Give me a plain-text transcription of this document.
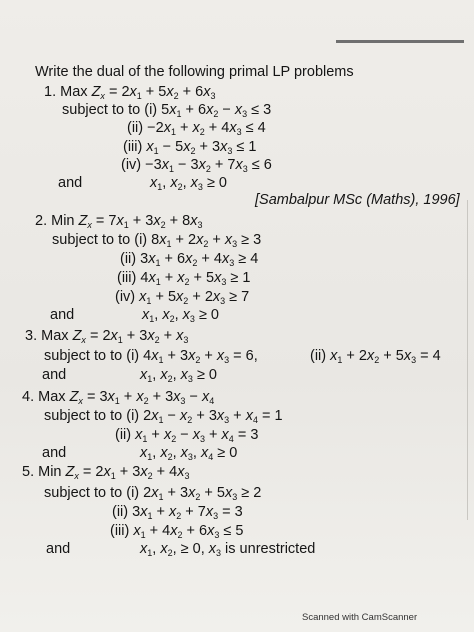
Write the dual of the following primal LP problems
1. Max $Z_x = 2x_1 + 5x_2 + 6x_3$
subject to to (i) $5x_1 + 6x_2 - x_3 \le 3$
$(ii) -2x_1 + x_2 + 4x_3 \le 4$
(iii) $x_1 - 5x_2 + 3x_3 \le 1$
$(iv) -3x_1 - 3x_2 + 7x_3 \le 6$
and	$x_1$, $x_2$, $x_3 \ge 0$
[Sambalpur MSc (Maths), 1996]
2. Min $Z_x = 7x_1 + 3x_2 + 8x_3$
subject to to (i) $8x_1 + 2x_2 + x_3 \ge 3$
(ii) $3x_1 + 6x_2 + 4x_3 \ge 4$
(iii) $4x_1 + x_2 + 5x_3 \ge 1$
(iv) $x_1 + 5x_2 + 2x_3 \ge 7$
and	$x_1$, $x_2$, $x_3 \ge 0$
3. Max $Z_x = 2x_1 + 3x_2 + x_3$
subject to to (i) $4x_1 + 3x_2 + x_3 = 6$,	(ii) $x_1 + 2x_2 + 5x_3 = 4$
and	$x_1$, $x_2$, $x_3 \ge 0$
4. Max $Z_x = 3x_1 + x_2 + 3x_3 - x_4$
subject to to (i) $2x_1 - x_2 + 3x_3 + x_4 = 1$
(ii) $x_1 + x_2 - x_3 + x_4 = 3$
and	$x_1$, $x_2$, $x_3$, $x_4 \ge 0$
5. Min $Z_x = 2x_1 + 3x_2 + 4x_3$
subject to to (i) $2x_1 + 3x_2 + 5x_3 \ge 2$
(ii) $3x_1 + x_2 + 7x_3 = 3$
(iii) $x_1 + 4x_2 + 6x_3 \le 5$
and	$x_1$, $x_2$, ≥ 0, $x_3$ is unrestricted
Scanned with CamScanner
